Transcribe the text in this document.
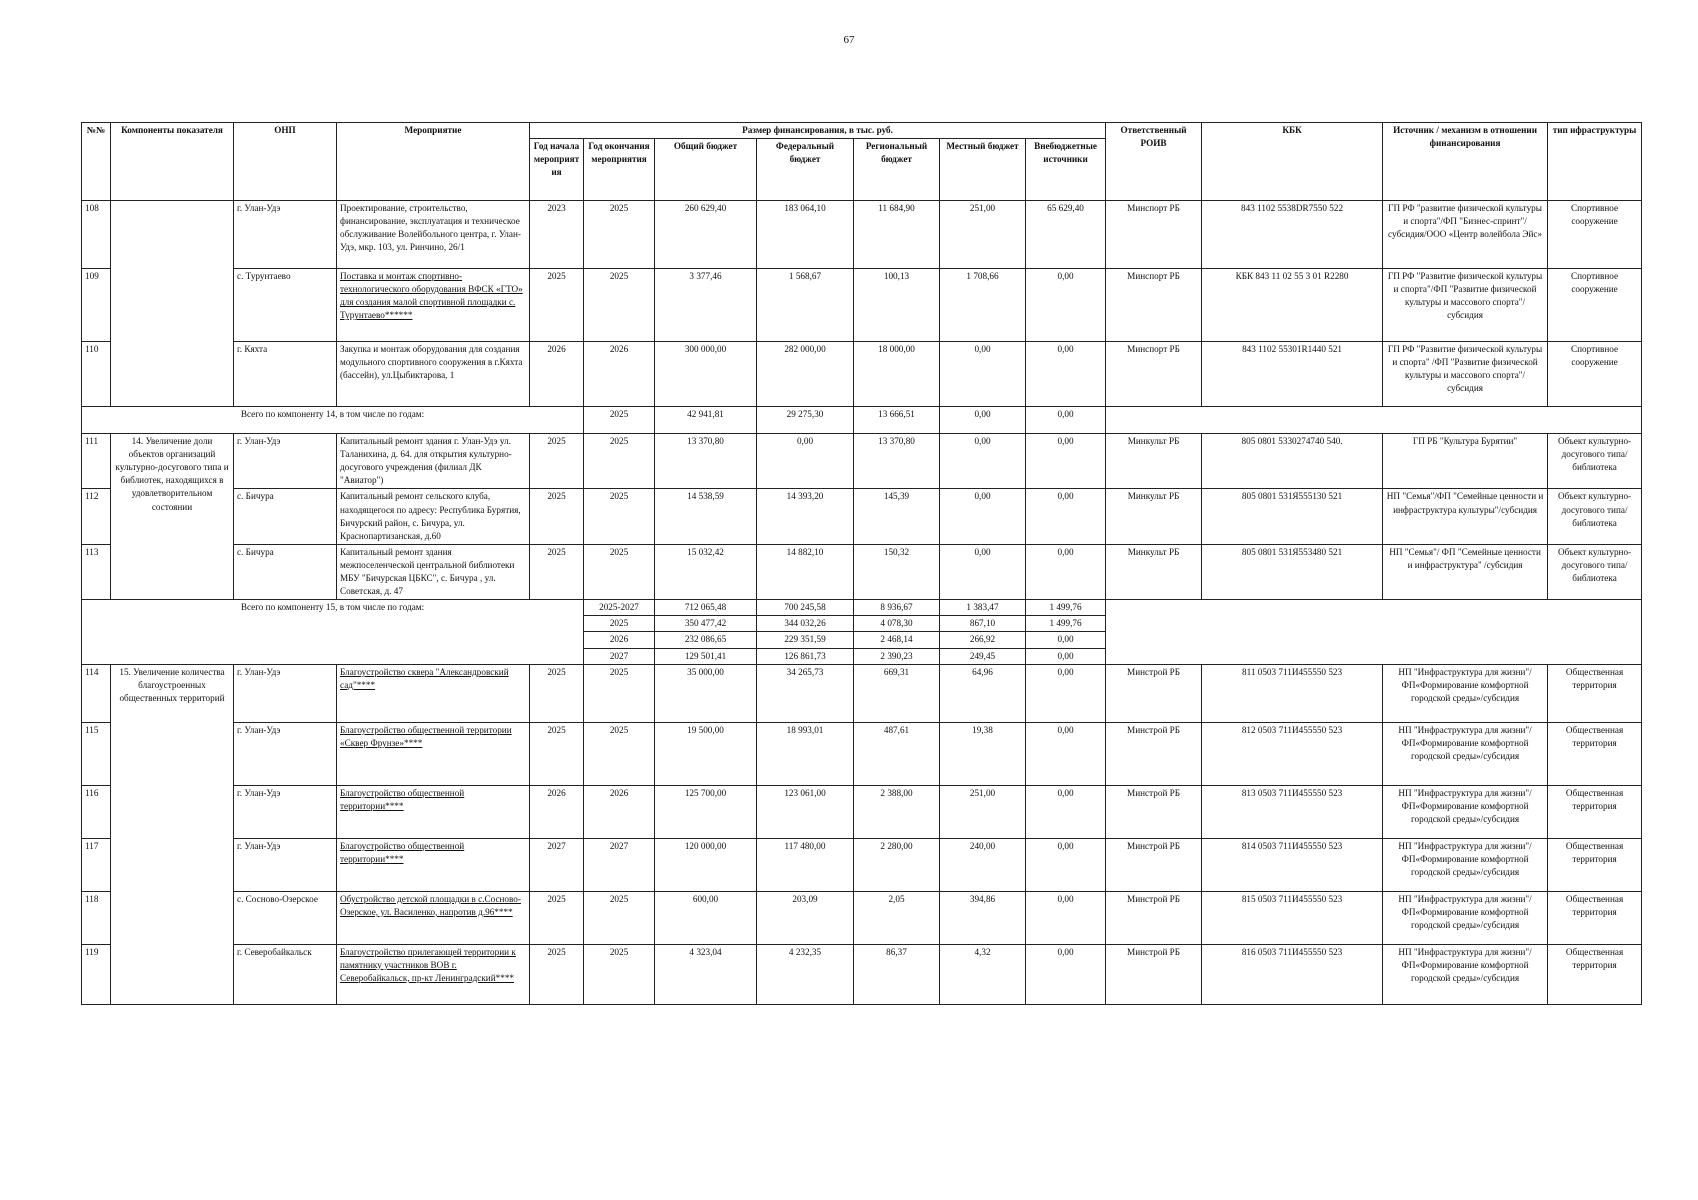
67
№№	Компоненты показателя	ОНП	Мероприятие	Размер финансирования, в тыс. руб.							Ответственный РОИВ	КБК	Источник / механизм в отношении финансирования	тип ифраструктуры
				Год начала мероприятия	Год окончания мероприятия	Общий бюджет	Федеральный бюджет	Региональный бюджет	Местный бюджет	Внебюджетные источники				
108		г. Улан-Удэ	Проектирование, строительство, финансирование, эксплуатация и техническое обслуживание Волейбольного центра, г. Улан-Удэ, мкр. 103, ул. Ринчино, 26/1	2023	2025	260 629,40	183 064,10	11 684,90	251,00	65 629,40	Минспорт РБ	843 1102 5538DR7550 522	ГП РФ "развитие физической культуры и спорта"/ФП "Бизнес-спринт"/субсидия/ООО «Центр волейбола Эйс»	Спортивное сооружение
109		с. Турунтаево	Поставка и монтаж спортивно-технологического оборудования ВФСК «ГТО» для создания малой спортивной площадки с. Турунтаево******	2025	2025	3 377,46	1 568,67	100,13	1 708,66	0,00	Минспорт РБ	КБК 843 11 02 55 3 01 R2280	ГП РФ "Развитие физической культуры и спорта"/ФП "Развитие физической культуры и массового спорта"/ субсидия	Спортивное сооружение
110		г. Кяхта	Закупка и монтаж оборудования для создания модульного спортивного сооружения в г.Кяхта (бассейн), ул.Цыбиктарова, 1	2026	2026	300 000,00	282 000,00	18 000,00	0,00	0,00	Минспорт РБ	843 1102 55301R1440 521	ГП РФ "Развитие физической культуры и спорта" /ФП "Развитие физической культуры и массового спорта"/ субсидия	Спортивное сооружение
Всего по компоненту 14, в том числе по годам:					2025	42 941,81	29 275,30	13 666,51	0,00	0,00				
111	14. Увеличение доли объектов организаций культурно-досугового типа и библиотек, находящихся в удовлетворительном состоянии	г. Улан-Удэ	Капитальный ремонт здания г. Улан-Удэ ул. Таланихина, д. 64. для открытия культурно-досугового учреждения (филиал ДК "Авиатор")	2025	2025	13 370,80	0,00	13 370,80	0,00	0,00	Минкульт РБ	805 0801 5330274740 540.	ГП РБ "Культура Бурятии"	Объект культурно-досугового типа/библиотека
112		с. Бичура	Капитальный ремонт сельского клуба, находящегося по адресу: Республика Бурятия, Бичурский район, с. Бичура, ул. Краснопартизанская, д.60	2025	2025	14 538,59	14 393,20	145,39	0,00	0,00	Минкульт РБ	805 0801 531Я555130 521	НП "Семья"/ФП "Семейные ценности и инфраструктура культуры"/субсидия	Объект культурно-досугового типа/библиотека
113		с. Бичура	Капитальный ремонт здания межпоселенческой центральной библиотеки МБУ "Бичурская ЦБКС", с. Бичура , ул. Советская, д. 47	2025	2025	15 032,42	14 882,10	150,32	0,00	0,00	Минкульт РБ	805 0801 531Я553480 521	НП "Семья"/ ФП "Семейные ценности и инфраструктура" /субсидия	Объект культурно-досугового типа/библиотека
Всего по компоненту 15, в том числе по годам:					2025-2027	712 065,48	700 245,58	8 936,67	1 383,47	1 499,76				
					2025	350 477,42	344 032,26	4 078,30	867,10	1 499,76				
					2026	232 086,65	229 351,59	2 468,14	266,92	0,00				
					2027	129 501,41	126 861,73	2 390,23	249,45	0,00				
114	15. Увеличение количества благоустроенных общественных территорий	г. Улан-Удэ	Благоустройство сквера "Александровский сад"****	2025	2025	35 000,00	34 265,73	669,31	64,96	0,00	Минстрой РБ	811 0503 711И455550 523	НП "Инфраструктура для жизни"/ФП«Формирование комфортной городской среды»/субсидия	Общественная территория
115		г. Улан-Удэ	Благоустройство общественной территории «Сквер Фрунзе»****	2025	2025	19 500,00	18 993,01	487,61	19,38	0,00	Минстрой РБ	812 0503 711И455550 523	НП "Инфраструктура для жизни"/ФП«Формирование комфортной городской среды»/субсидия	Общественная территория
116		г. Улан-Удэ	Благоустройство общественной территории****	2026	2026	125 700,00	123 061,00	2 388,00	251,00	0,00	Минстрой РБ	813 0503 711И455550 523	НП "Инфраструктура для жизни"/ФП«Формирование комфортной городской среды»/субсидия	Общественная территория
117		г. Улан-Удэ	Благоустройство общественной территории****	2027	2027	120 000,00	117 480,00	2 280,00	240,00	0,00	Минстрой РБ	814 0503 711И455550 523	НП "Инфраструктура для жизни"/ФП«Формирование комфортной городской среды»/субсидия	Общественная территория
118		с. Сосново-Озерское	Обустройство детской площадки в с.Сосново-Озерское, ул. Василенко, напротив д.96****	2025	2025	600,00	203,09	2,05	394,86	0,00	Минстрой РБ	815 0503 711И455550 523	НП "Инфраструктура для жизни"/ФП«Формирование комфортной городской среды»/субсидия	Общественная территория
119		г. Северобайкальск	Благоустройство прилегающей территории к памятнику участников ВОВ г. Северобайкальск, пр-кт Ленинградский****	2025	2025	4 323,04	4 232,35	86,37	4,32	0,00	Минстрой РБ	816 0503 711И455550 523	НП "Инфраструктура для жизни"/ФП«Формирование комфортной городской среды»/субсидия	Общественная территория
